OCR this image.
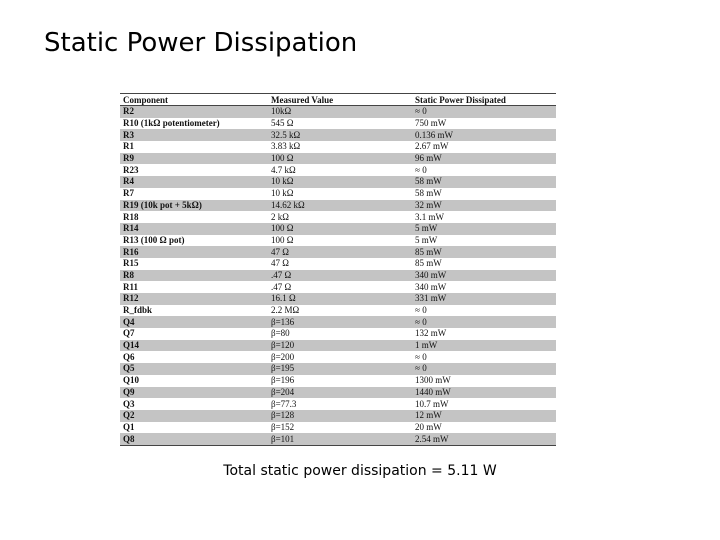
Static Power Dissipation
Component	Measured Value	Static Power Dissipated
R2	10kΩ	≈ 0
R10 (1kΩ potentiometer)	545 Ω	750 mW
R3	32.5 kΩ	0.136 mW
R1	3.83 kΩ	2.67 mW
R9	100 Ω	96 mW
R23	4.7 kΩ	≈ 0
R4	10 kΩ	58 mW
R7	10 kΩ	58 mW
R19 (10k pot + 5kΩ)	14.62 kΩ	32 mW
R18	2 kΩ	3.1 mW
R14	100 Ω	5 mW
R13 (100 Ω pot)	100 Ω	5 mW
R16	47 Ω	85 mW
R15	47 Ω	85 mW
R8	.47 Ω	340 mW
R11	.47 Ω	340 mW
R12	16.1 Ω	331 mW
R_fdbk	2.2 MΩ	≈ 0
Q4	β=136	≈ 0
Q7	β=80	132 mW
Q14	β=120	1 mW
Q6	β=200	≈ 0
Q5	β=195	≈ 0
Q10	β=196	1300 mW
Q9	β=204	1440 mW
Q3	β=77.3	10.7 mW
Q2	β=128	12 mW
Q1	β=152	20 mW
Q8	β=101	2.54 mW
Total static power dissipation = 5.11 W
